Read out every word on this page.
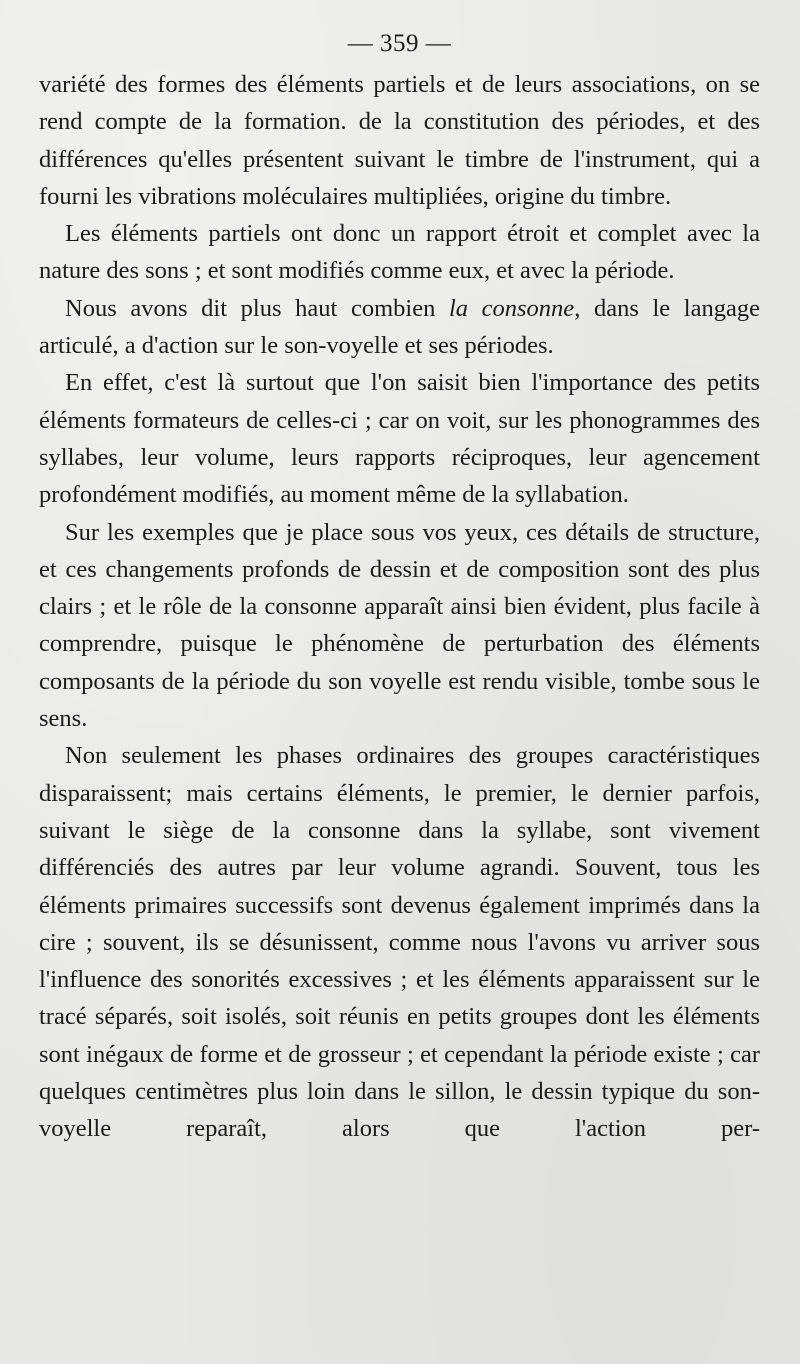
— 359 —

variété des formes des éléments partiels et de leurs associations, on se rend compte de la formation. de la constitution des périodes, et des différences qu'elles présentent suivant le timbre de l'instrument, qui a fourni les vibrations moléculaires multipliées, origine du timbre.

Les éléments partiels ont donc un rapport étroit et complet avec la nature des sons ; et sont modifiés comme eux, et avec la période.

Nous avons dit plus haut combien la consonne, dans le langage articulé, a d'action sur le son-voyelle et ses périodes.

En effet, c'est là surtout que l'on saisit bien l'importance des petits éléments formateurs de celles-ci ; car on voit, sur les phonogrammes des syllabes, leur volume, leurs rapports réciproques, leur agencement profondément modifiés, au moment même de la syllabation.

Sur les exemples que je place sous vos yeux, ces détails de structure, et ces changements profonds de dessin et de composition sont des plus clairs ; et le rôle de la consonne apparaît ainsi bien évident, plus facile à comprendre, puisque le phénomène de perturbation des éléments composants de la période du son voyelle est rendu visible, tombe sous le sens.

Non seulement les phases ordinaires des groupes caractéristiques disparaissent; mais certains éléments, le premier, le dernier parfois, suivant le siège de la consonne dans la syllabe, sont vivement différenciés des autres par leur volume agrandi. Souvent, tous les éléments primaires successifs sont devenus également imprimés dans la cire ; souvent, ils se désunissent, comme nous l'avons vu arriver sous l'influence des sonorités excessives ; et les éléments apparaissent sur le tracé séparés, soit isolés, soit réunis en petits groupes dont les éléments sont inégaux de forme et de grosseur ; et cependant la période existe ; car quelques centimètres plus loin dans le sillon, le dessin typique du son-voyelle reparaît, alors que l'action per-
